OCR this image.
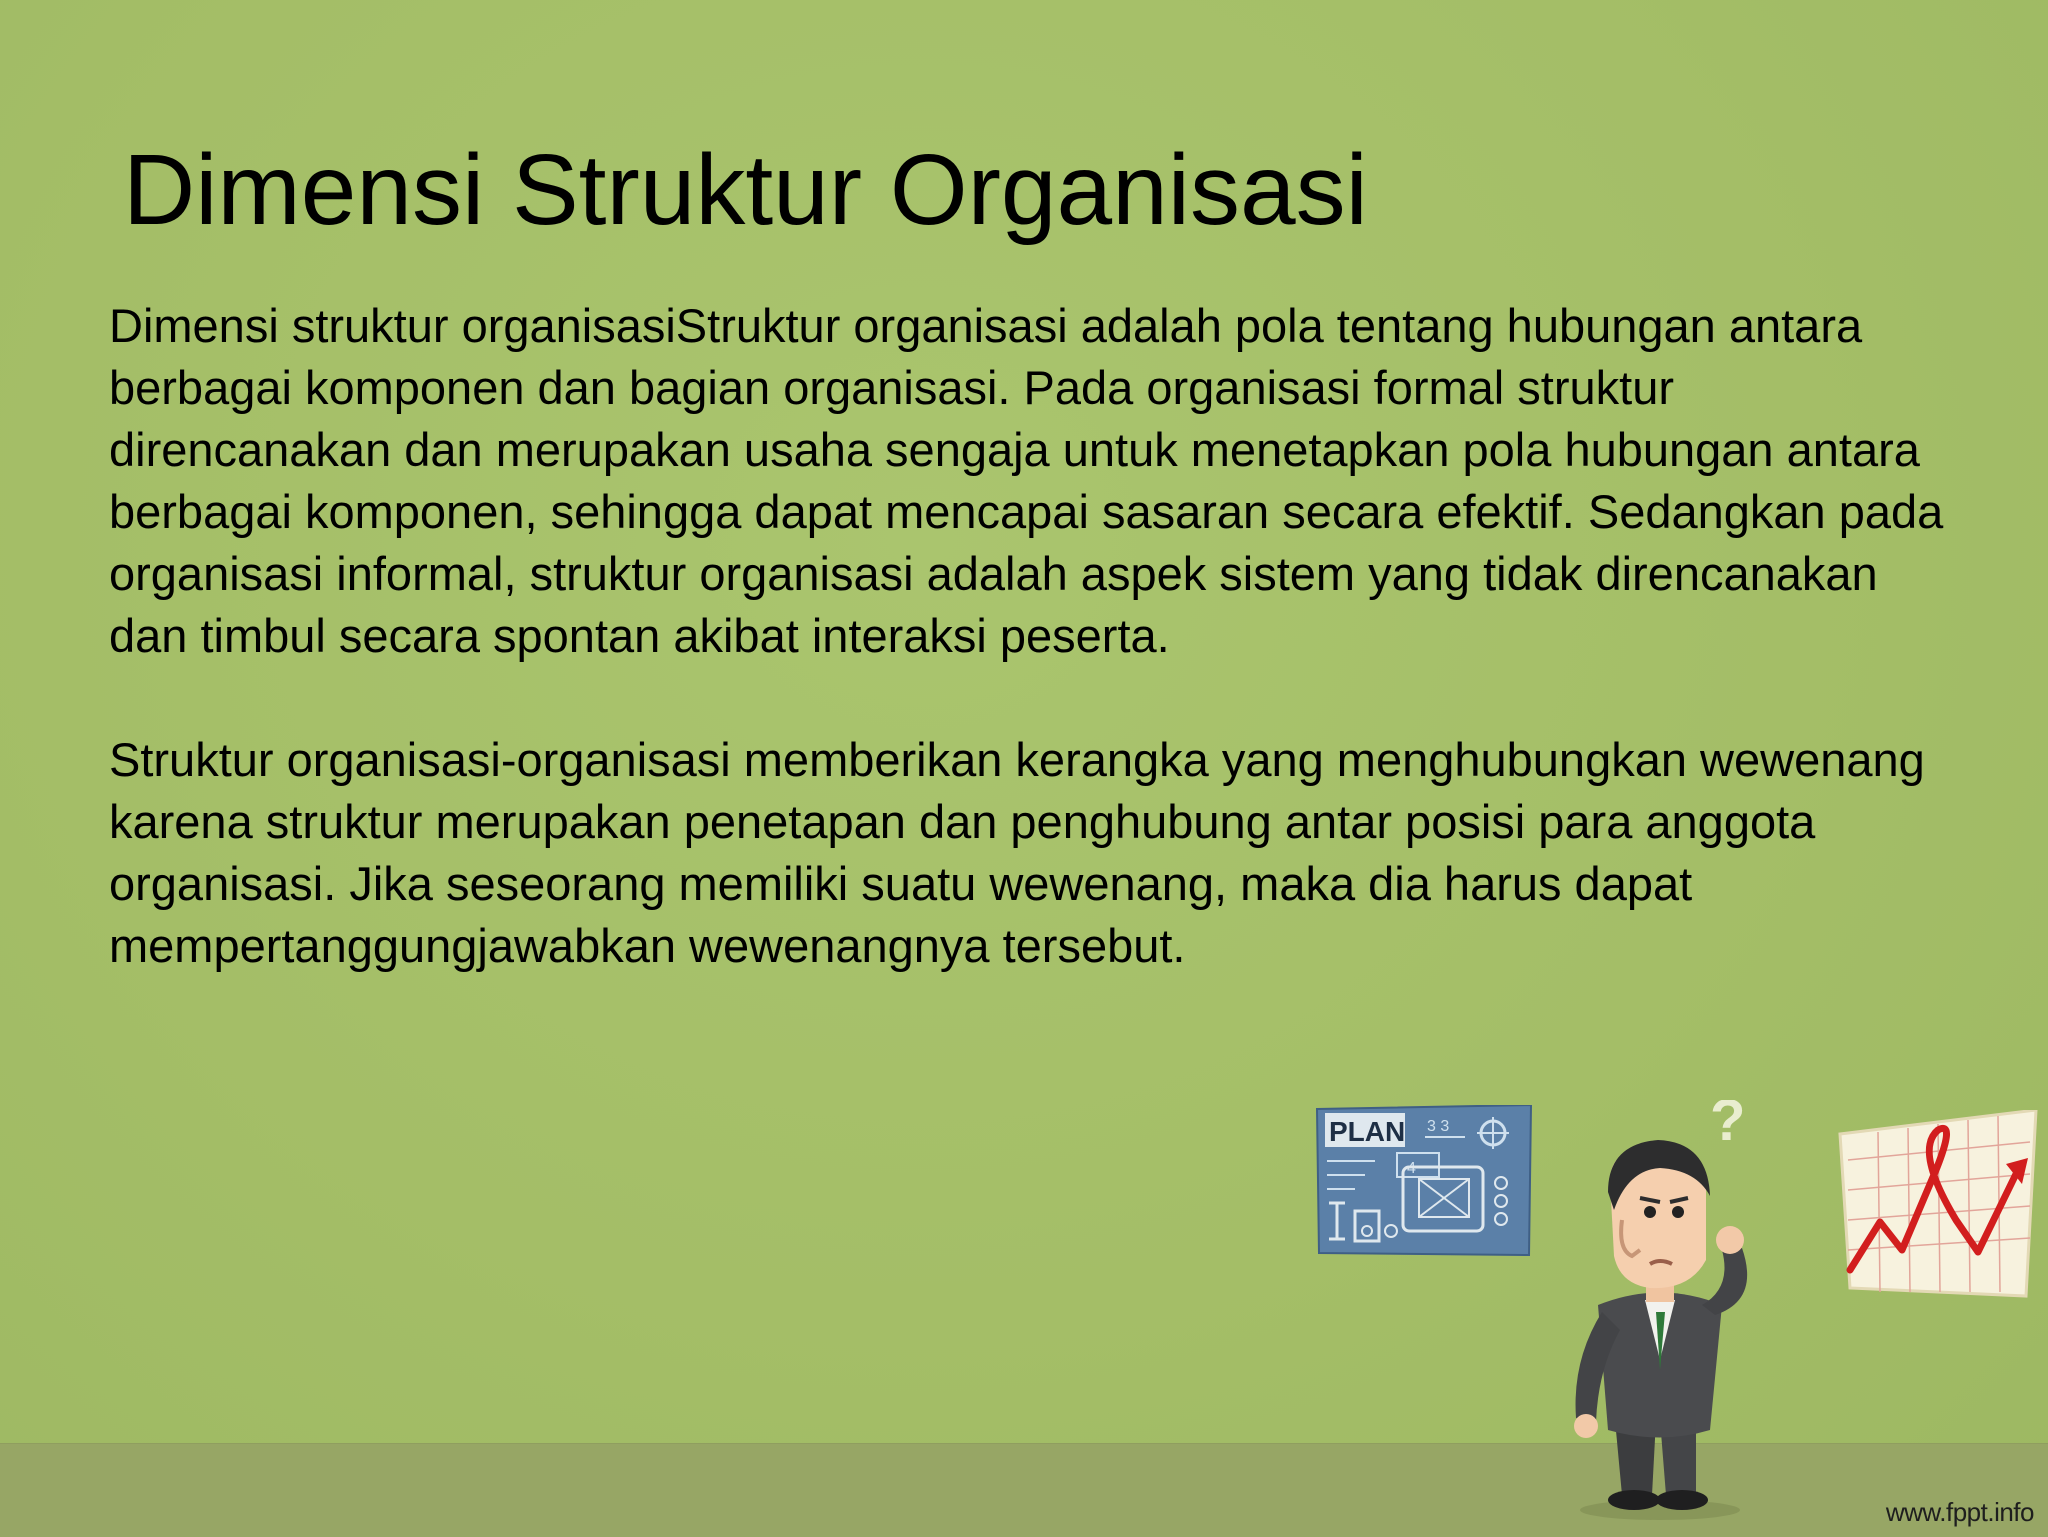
Dimensi Struktur Organisasi

Dimensi struktur organisasiStruktur organisasi adalah pola tentang hubungan antara berbagai komponen dan bagian organisasi. Pada organisasi formal struktur direncanakan dan merupakan usaha sengaja untuk menetapkan pola hubungan antara berbagai komponen, sehingga dapat mencapai sasaran secara efektif. Sedangkan pada organisasi informal, struktur organisasi adalah aspek sistem yang tidak direncanakan dan timbul secara spontan akibat interaksi peserta.

Struktur organisasi-organisasi memberikan kerangka yang menghubungkan wewenang karena struktur merupakan penetapan dan penghubung antar posisi para anggota organisasi. Jika seseorang memiliki suatu wewenang, maka dia harus dapat mempertanggungjawabkan wewenangnya tersebut.

PLAN 3 3
4
?
www.fppt.info
